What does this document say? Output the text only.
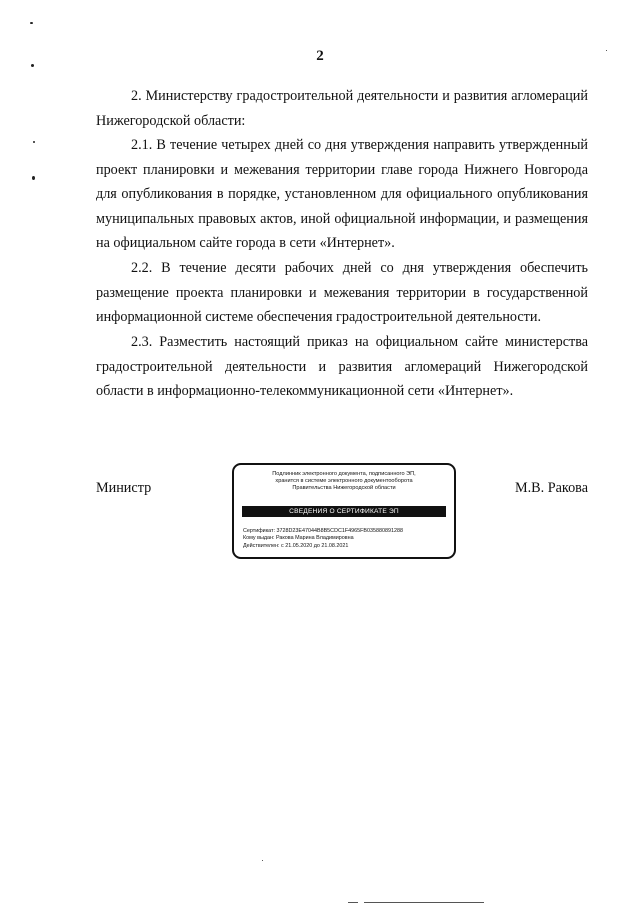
2

2. Министерству градостроительной деятельности и развития агломераций Нижегородской области:

2.1. В течение четырех дней со дня утверждения направить утвержденный проект планировки и межевания территории главе города Нижнего Новгорода для опубликования в порядке, установленном для официального опубликования муниципальных правовых актов, иной официальной информации, и размещения на официальном сайте города в сети «Интернет».

2.2. В течение десяти рабочих дней со дня утверждения обеспечить размещение проекта планировки и межевания территории в государственной информационной системе обеспечения градостроительной деятельности.

2.3. Разместить настоящий приказ на официальном сайте министерства градостроительной деятельности и развития агломераций Нижегородской области в информационно-телекоммуникационной сети «Интернет».

Министр
Подлинник электронного документа, подписанного ЭП,
хранится в системе электронного документооборота
Правительства Нижегородской области
СВЕДЕНИЯ О СЕРТИФИКАТЕ ЭП
Сертификат: 3728D23E47044B8B5CDC1F4965FB035880891288
Кому выдан: Ракова Марина Владимировна
Действителен: с 21.05.2020 до 21.08.2021
М.В. Ракова
